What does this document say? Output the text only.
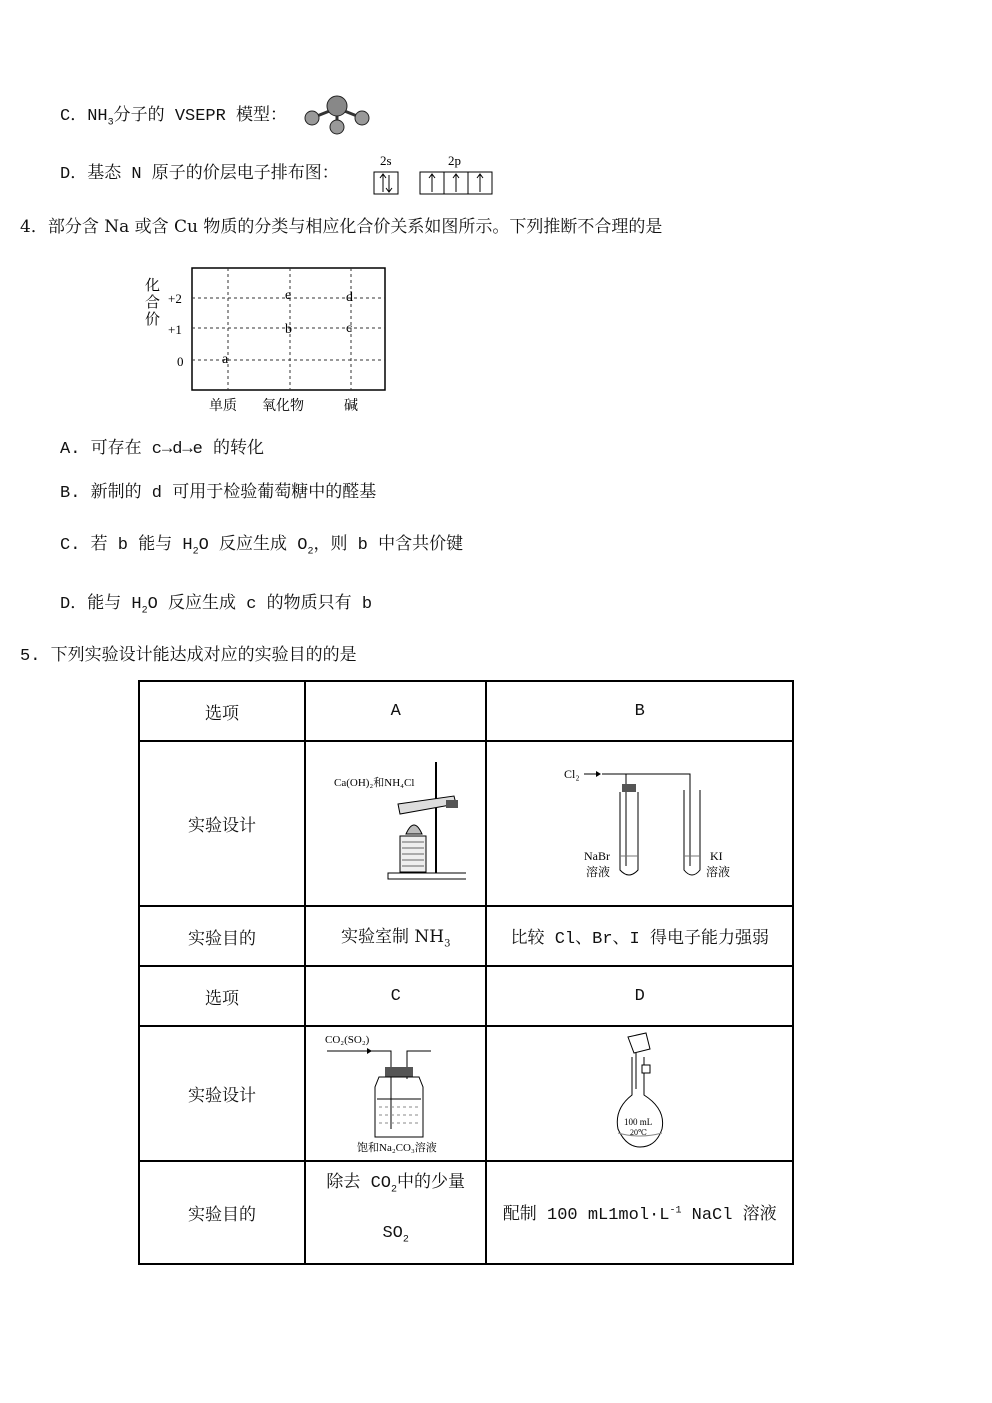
C．$NH_3$分子的 VSEPR 模型：
D．基态 N 原子的价层电子排布图：
2s	2p
4．部分含 Na 或含 Cu 物质的分类与相应化合价关系如图所示。下列推断不合理的是
化
合
价
+2
+1
0	a
b
e
c
d
单质 氧化物	碱
A. 可存在 c→d→e 的转化
B. 新制的 d 可用于检验葡萄糖中的醛基
C. 若 b 能与 $H_2O$ 反应生成 $O_2$，则 b 中含共价键
D．能与 $H_2O$ 反应生成 c 的物质只有 b
5. 下列实验设计能达成对应的实验目的的是
选项	A	B
实验设计	Ca(OH)₂和NH₄Cl	Cl₂
NaBr
溶液
KI
溶液

实验目的	实验室制 $NH_3$	比较 Cl、Br、I 得电子能力强弱
选项	C	D
实验设计	CO₂(SO₂)
饱和Na₂CO₃溶液	100 mL
20℃

实验目的	除去 $CO_2$中的少量
$SO_2$	配制 100 $mL1mol\cdot L^{-1}$ NaCl 溶液
